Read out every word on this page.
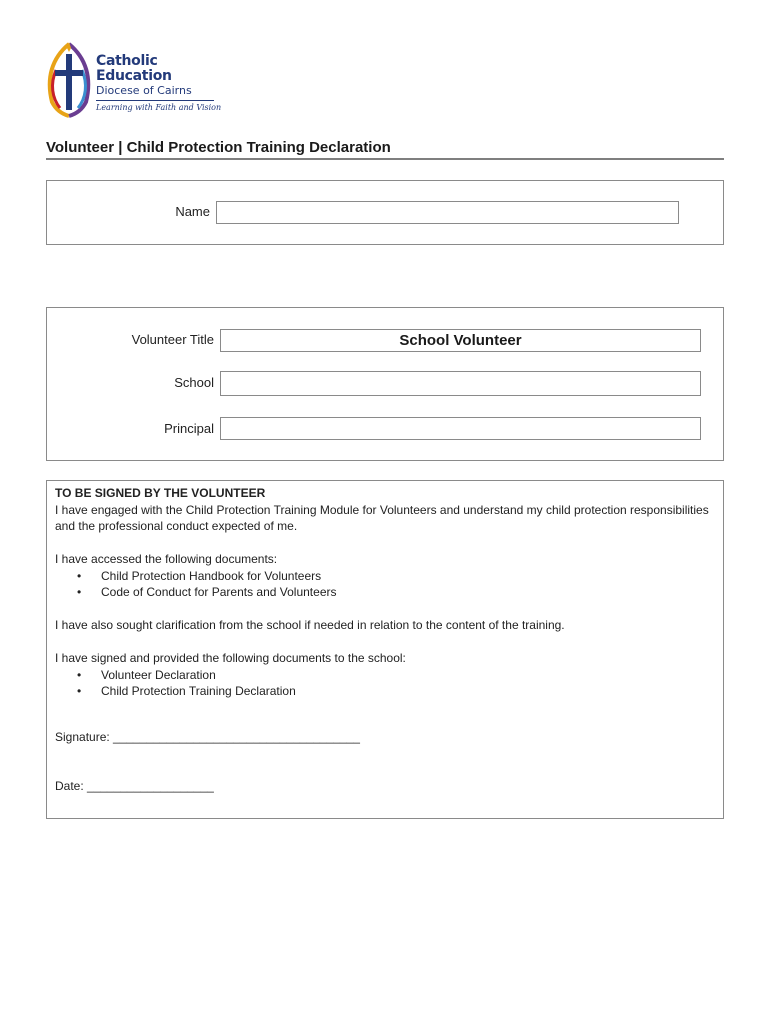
Catholic
Education
Diocese of Cairns
Learning with Faith and Vision
Volunteer | Child Protection Training Declaration
Name
Volunteer Title
School Volunteer
School
Principal
TO BE SIGNED BY THE VOLUNTEER

I have engaged with the Child Protection Training Module for Volunteers and understand my child protection responsibilities and the professional conduct expected of me.

I have accessed the following documents:

• Child Protection Handbook for Volunteers
• Code of Conduct for Parents and Volunteers

I have also sought clarification from the school if needed in relation to the content of the training.

I have signed and provided the following documents to the school:

• Volunteer Declaration
• Child Protection Training Declaration
Signature: _____________________________________
Date: ___________________
